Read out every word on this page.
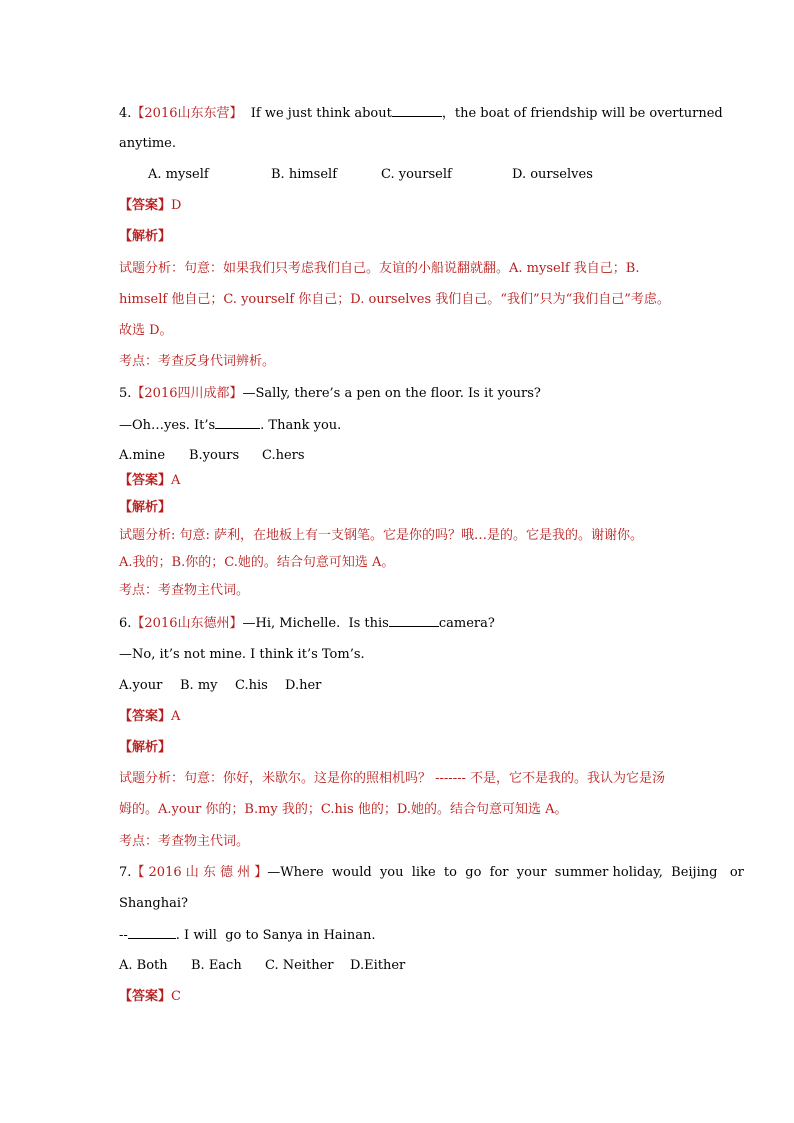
4.【2016山东东营】  If we just think about	，the boat of friendship will be overturned
anytime.
A. myself	B. himself	C. yourself	D. ourselves
【答案】D
【解析】
试题分析：句意：如果我们只考虑我们自己。友谊的小船说翻就翻。A. myself 我自己；B.
himself 他自己；C. yourself 你自己；D. ourselves 我们自己。“我们”只为“我们自己”考虑。
故选 D。
考点：考查反身代词辨析。
5.【2016四川成都】—Sally, there’s a pen on the floor. Is it yours?
—Oh…yes. It’s	. Thank you.
A.mine B.yours C.hers
【答案】A
【解析】
试题分析: 句意: 萨利，在地板上有一支钢笔。它是你的吗？哦…是的。它是我的。谢谢你。
A.我的；B.你的；C.她的。结合句意可知选 A。
考点：考查物主代词。
6.【2016山东德州】—Hi, Michelle.  Is this	camera?
—No, it’s not mine. I think it’s Tom’s.
A.your B. my C.his D.her
【答案】A
【解析】
试题分析：句意：你好，米歇尔。这是你的照相机吗？ ------- 不是，它不是我的。我认为它是汤
姆的。A.your 你的；B.my 我的；C.his 他的；D.她的。结合句意可知选 A。
考点：考查物主代词。
7.【 2016 山 东 德 州 】—Where  would  you  like  to  go  for  your  summer holiday,  Beijing   or
Shanghai?
--	. I will  go to Sanya in Hainan.
A. Both B. Each C. Neither D.Either
【答案】C
